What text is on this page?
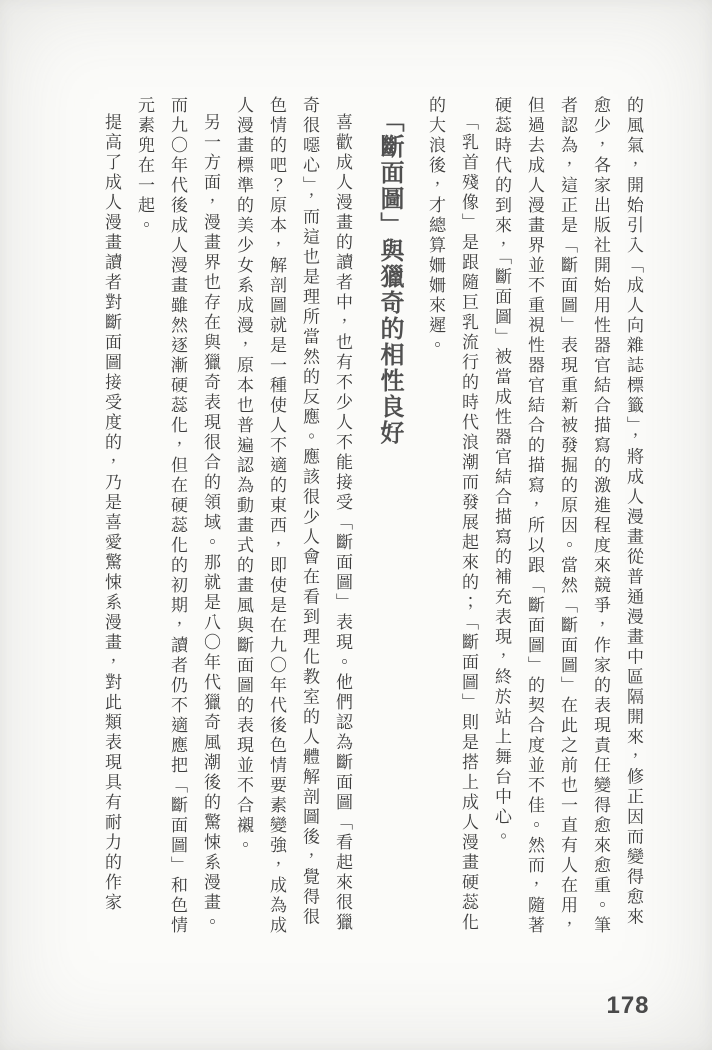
的風氣，開始引入「成人向雜誌標籤」，將成人漫畫從普通漫畫中區隔開來，修正因而變得愈來愈少，各家出版社開始用性器官結合描寫的激進程度來競爭，作家的表現責任變得愈來愈重。筆者認為，這正是「斷面圖」表現重新被發掘的原因。當然「斷面圖」在此之前也一直有人在用，但過去成人漫畫界並不重視性器官結合的描寫，所以跟「斷面圖」的契合度並不佳。然而，隨著硬蕊時代的到來，「斷面圖」被當成性器官結合描寫的補充表現，終於站上舞台中心。

「乳首殘像」是跟隨巨乳流行的時代浪潮而發展起來的；「斷面圖」則是搭上成人漫畫硬蕊化的大浪後，才總算姍姍來遲。

「斷面圖」與獵奇的相性良好

喜歡成人漫畫的讀者中，也有不少人不能接受「斷面圖」表現。他們認為斷面圖「看起來很獵奇很噁心」，而這也是理所當然的反應。應該很少人會在看到理化教室的人體解剖圖後，覺得很色情的吧？原本，解剖圖就是一種使人不適的東西，即使是在九〇年代後色情要素變強，成為成人漫畫標準的美少女系成漫，原本也普遍認為動畫式的畫風與斷面圖的表現並不合襯。

另一方面，漫畫界也存在與獵奇表現很合的領域。那就是八〇年代獵奇風潮後的驚悚系漫畫。而九〇年代後成人漫畫雖然逐漸硬蕊化，但在硬蕊化的初期，讀者仍不適應把「斷面圖」和色情元素兜在一起。

提高了成人漫畫讀者對斷面圖接受度的，乃是喜愛驚悚系漫畫，對此類表現具有耐力的作家

178
